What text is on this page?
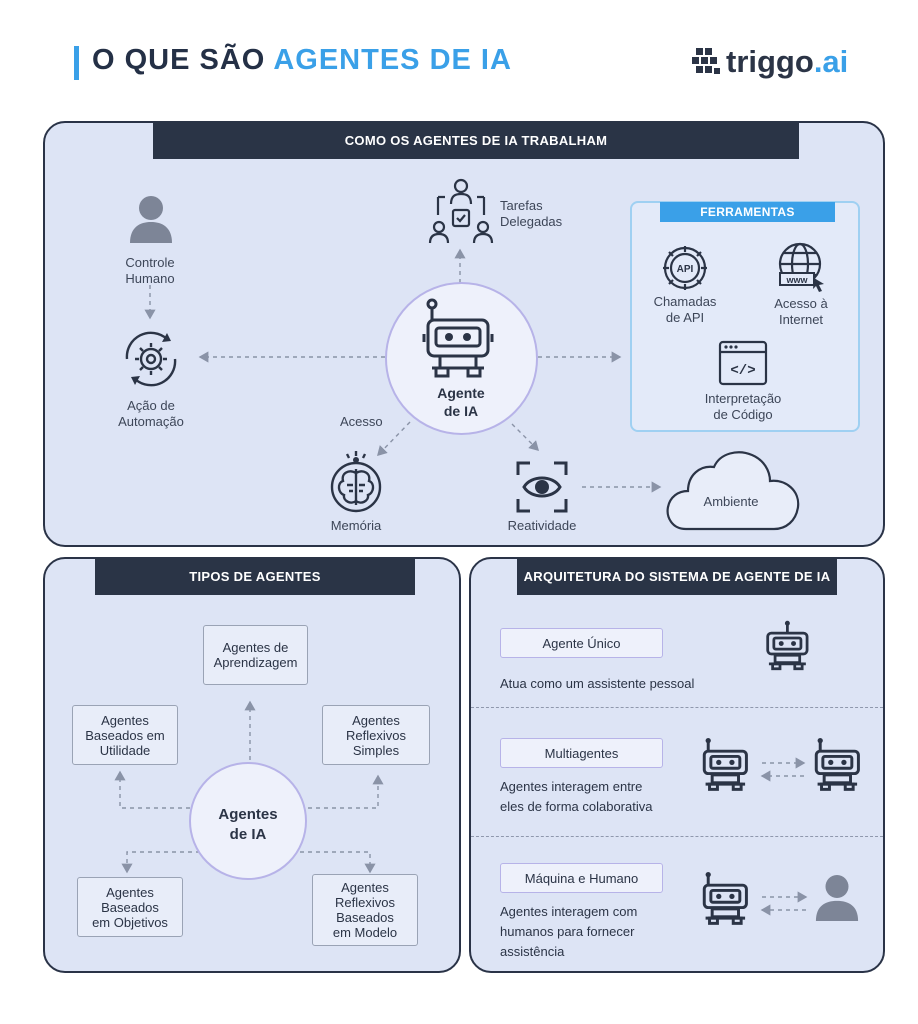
O QUE SÃO AGENTES DE IA	triggo.ai
COMO OS AGENTES DE IA TRABALHAM
Controle
Humano
Ação de
Automação
Tarefas
Delegadas
Agente
de IA
Acesso
Memória	Reatividade
Ambiente
FERRAMENTAS
API
Chamadas
de API
www
Acesso à
Internet
</>
Interpretação
de Código
TIPOS DE AGENTES
Agentes
de IA
Agentes de
Aprendizagem
Agentes
Baseados em
Utilidade
Agentes
Reflexivos
Simples
Agentes
Baseados
em Objetivos
Agentes
Reflexivos
Baseados
em Modelo
ARQUITETURA DO SISTEMA DE AGENTE DE IA
Agente Único
Atua como um assistente pessoal
Multiagentes
Agentes interagem entre
eles de forma colaborativa
Máquina e Humano
Agentes interagem com
humanos para fornecer
assistência
